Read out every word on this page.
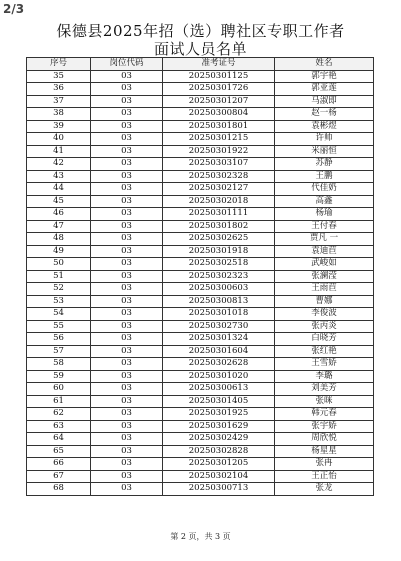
2/3
保德县2025年招（选）聘社区专职工作者
面试人员名单
序号	岗位代码	准考证号	姓名
35	03	20250301125	郭宇艳
36	03	20250301726	郭亚莲
37	03	20250301207	马淑即
38	03	20250300804	赵一杨
39	03	20250301801	袁彬煜
40	03	20250301215	许帅
41	03	20250301922	米丽恒
42	03	20250303107	苏静
43	03	20250302328	王鹏
44	03	20250302127	代佳奶
45	03	20250302018	高鑫
46	03	20250301111	杨瑜
47	03	20250301802	王付春
48	03	20250302625	贾凡 一
49	03	20250301918	袁迪苣
50	03	20250302518	武峻如
51	03	20250302323	张澜滢
52	03	20250300603	王雨苣
53	03	20250300813	曹娜
54	03	20250301018	李俊波
55	03	20250302730	张丙炎
56	03	20250301324	白晓芳
57	03	20250301604	张红艳
58	03	20250302628	王雪娇
59	03	20250301020	李璐
60	03	20250300613	刘美芳
61	03	20250301405	张咪
62	03	20250301925	韩元春
63	03	20250301629	张宇娇
64	03	20250302429	周欣悦
65	03	20250302828	杨星星
66	03	20250301205	张冉
67	03	20250302104	王正怡
68	03	20250300713	张龙
第 2 页，共 3 页
